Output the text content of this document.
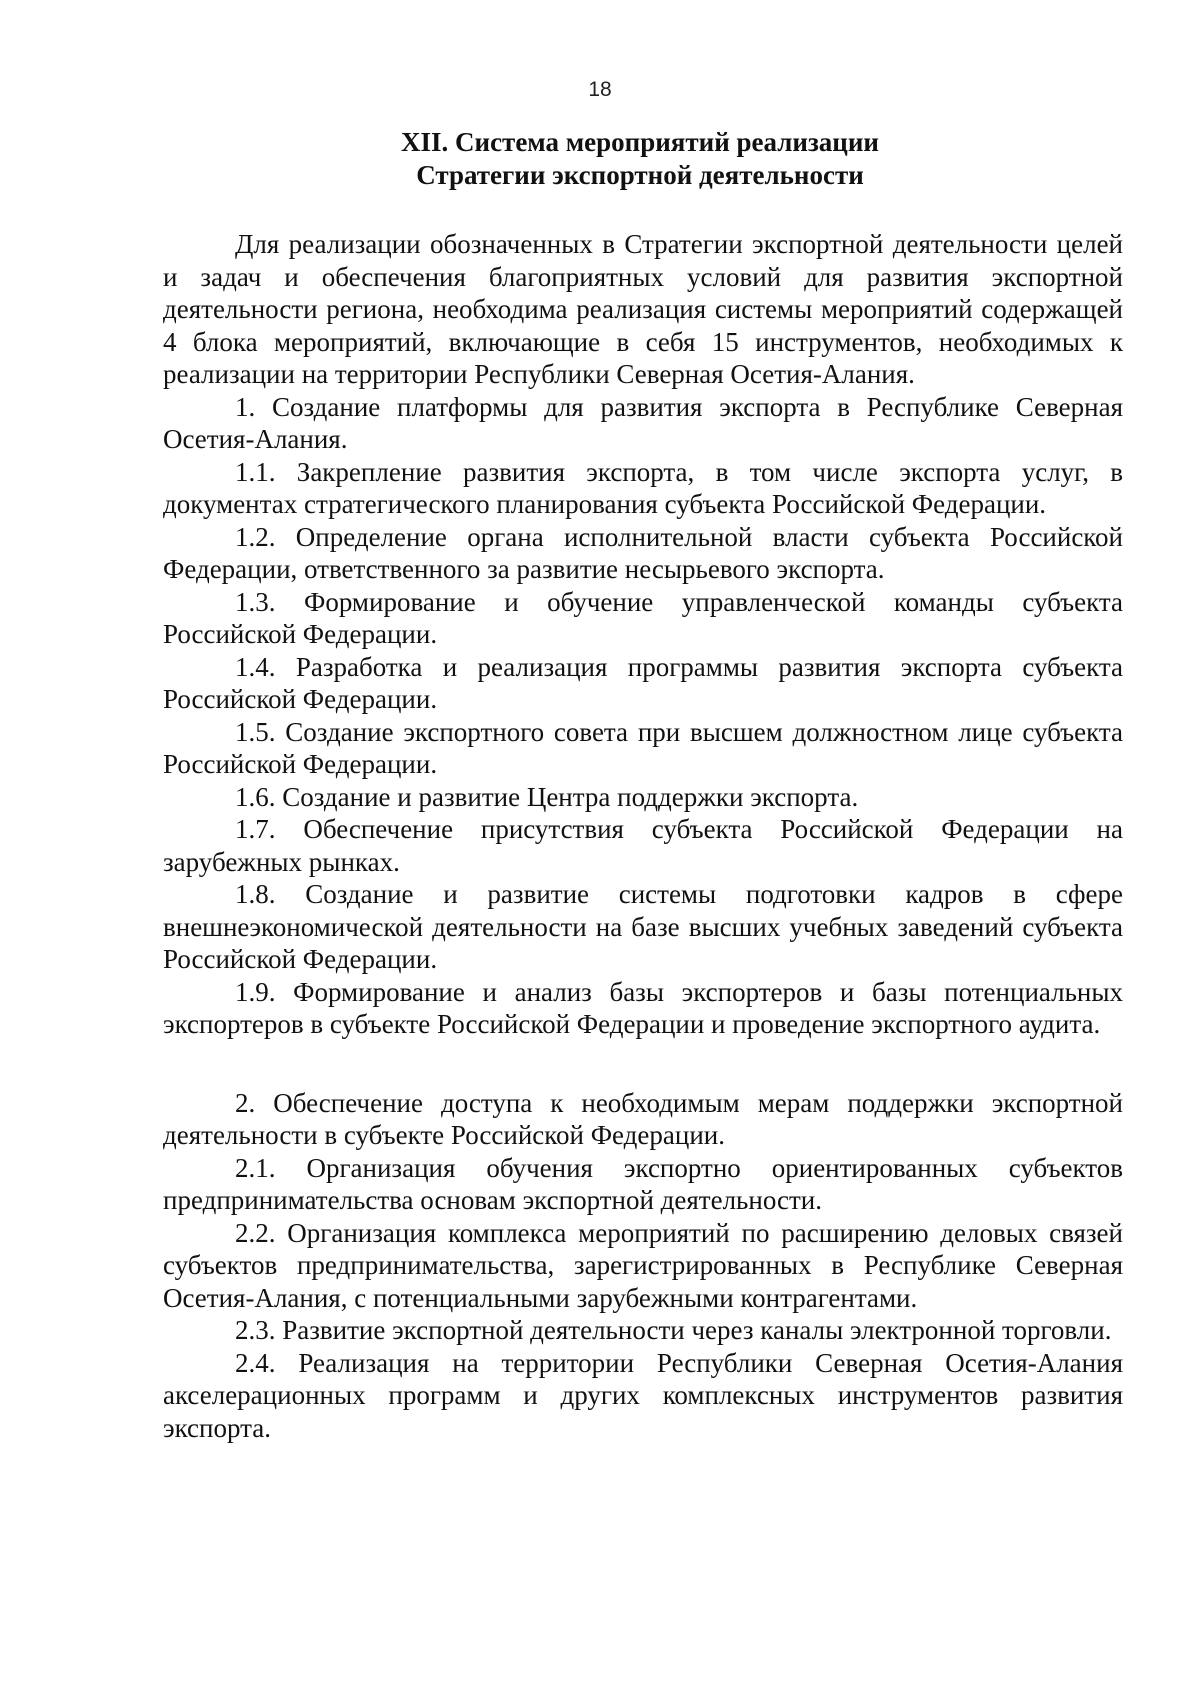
18
XII. Система мероприятий реализации
Стратегии экспортной деятельности

Для реализации обозначенных в Стратегии экспортной деятельности целей и задач и обеспечения благоприятных условий для развития экспортной деятельности региона, необходима реализация системы мероприятий содержащей 4 блока мероприятий, включающие в себя 15 инструментов, необходимых к реализации на территории Республики Северная Осетия-Алания.

1. Создание платформы для развития экспорта в Республике Северная Осетия-Алания.

1.1. Закрепление развития экспорта, в том числе экспорта услуг, в документах стратегического планирования субъекта Российской Федерации.

1.2. Определение органа исполнительной власти субъекта Российской Федерации, ответственного за развитие несырьевого экспорта.

1.3. Формирование и обучение управленческой команды субъекта Российской Федерации.

1.4. Разработка и реализация программы развития экспорта субъекта Российской Федерации.

1.5. Создание экспортного совета при высшем должностном лице субъекта Российской Федерации.

1.6. Создание и развитие Центра поддержки экспорта.

1.7. Обеспечение присутствия субъекта Российской Федерации на зарубежных рынках.

1.8. Создание и развитие системы подготовки кадров в сфере внешнеэкономической деятельности на базе высших учебных заведений субъекта Российской Федерации.

1.9. Формирование и анализ базы экспортеров и базы потенциальных экспортеров в субъекте Российской Федерации и проведение экспортного аудита.

2. Обеспечение доступа к необходимым мерам поддержки экспортной деятельности в субъекте Российской Федерации.

2.1. Организация обучения экспортно ориентированных субъектов предпринимательства основам экспортной деятельности.

2.2. Организация комплекса мероприятий по расширению деловых связей субъектов предпринимательства, зарегистрированных в Республике Северная Осетия-Алания, с потенциальными зарубежными контрагентами.

2.3. Развитие экспортной деятельности через каналы электронной торговли.

2.4. Реализация на территории Республики Северная Осетия-Алания акселерационных программ и других комплексных инструментов развития экспорта.
